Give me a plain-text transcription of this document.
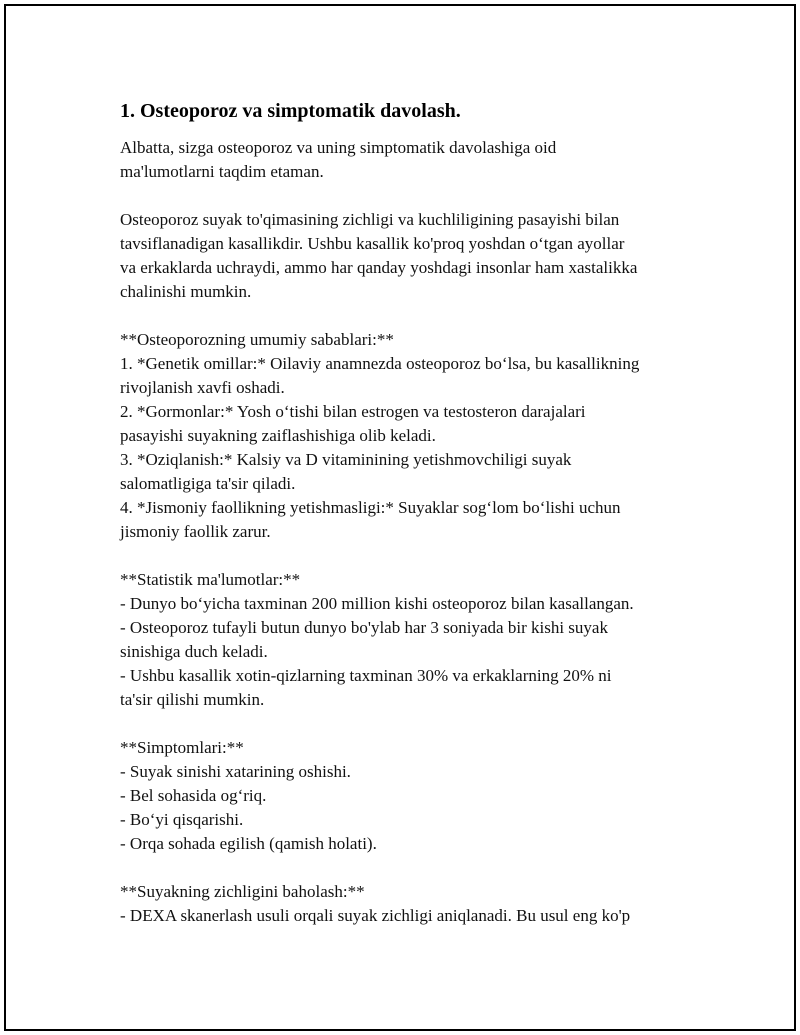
1. Osteoporoz va simptomatik davolash.

Albatta, sizga osteoporoz va uning simptomatik davolashiga oid
ma'lumotlarni taqdim etaman.

Osteoporoz suyak to'qimasining zichligi va kuchliligining pasayishi bilan
tavsiflanadigan kasallikdir. Ushbu kasallik ko'proq yoshdan o‘tgan ayollar
va erkaklarda uchraydi, ammo har qanday yoshdagi insonlar ham xastalikka
chalinishi mumkin.

**Osteoporozning umumiy sabablari:**
1. *Genetik omillar:* Oilaviy anamnezda osteoporoz bo‘lsa, bu kasallikning
rivojlanish xavfi oshadi.
2. *Gormonlar:* Yosh o‘tishi bilan estrogen va testosteron darajalari
pasayishi suyakning zaiflashishiga olib keladi.
3. *Oziqlanish:* Kalsiy va D vitaminining yetishmovchiligi suyak
salomatligiga ta'sir qiladi.
4. *Jismoniy faollikning yetishmasligi:* Suyaklar sog‘lom bo‘lishi uchun
jismoniy faollik zarur.

**Statistik ma'lumotlar:**
- Dunyo bo‘yicha taxminan 200 million kishi osteoporoz bilan kasallangan.
- Osteoporoz tufayli butun dunyo bo'ylab har 3 soniyada bir kishi suyak
sinishiga duch keladi.
- Ushbu kasallik xotin-qizlarning taxminan 30% va erkaklarning 20% ni
ta'sir qilishi mumkin.

**Simptomlari:**
- Suyak sinishi xatarining oshishi.
- Bel sohasida og‘riq.
- Bo‘yi qisqarishi.
- Orqa sohada egilish (qamish holati).

**Suyakning zichligini baholash:**
- DEXA skanerlash usuli orqali suyak zichligi aniqlanadi. Bu usul eng ko'p
